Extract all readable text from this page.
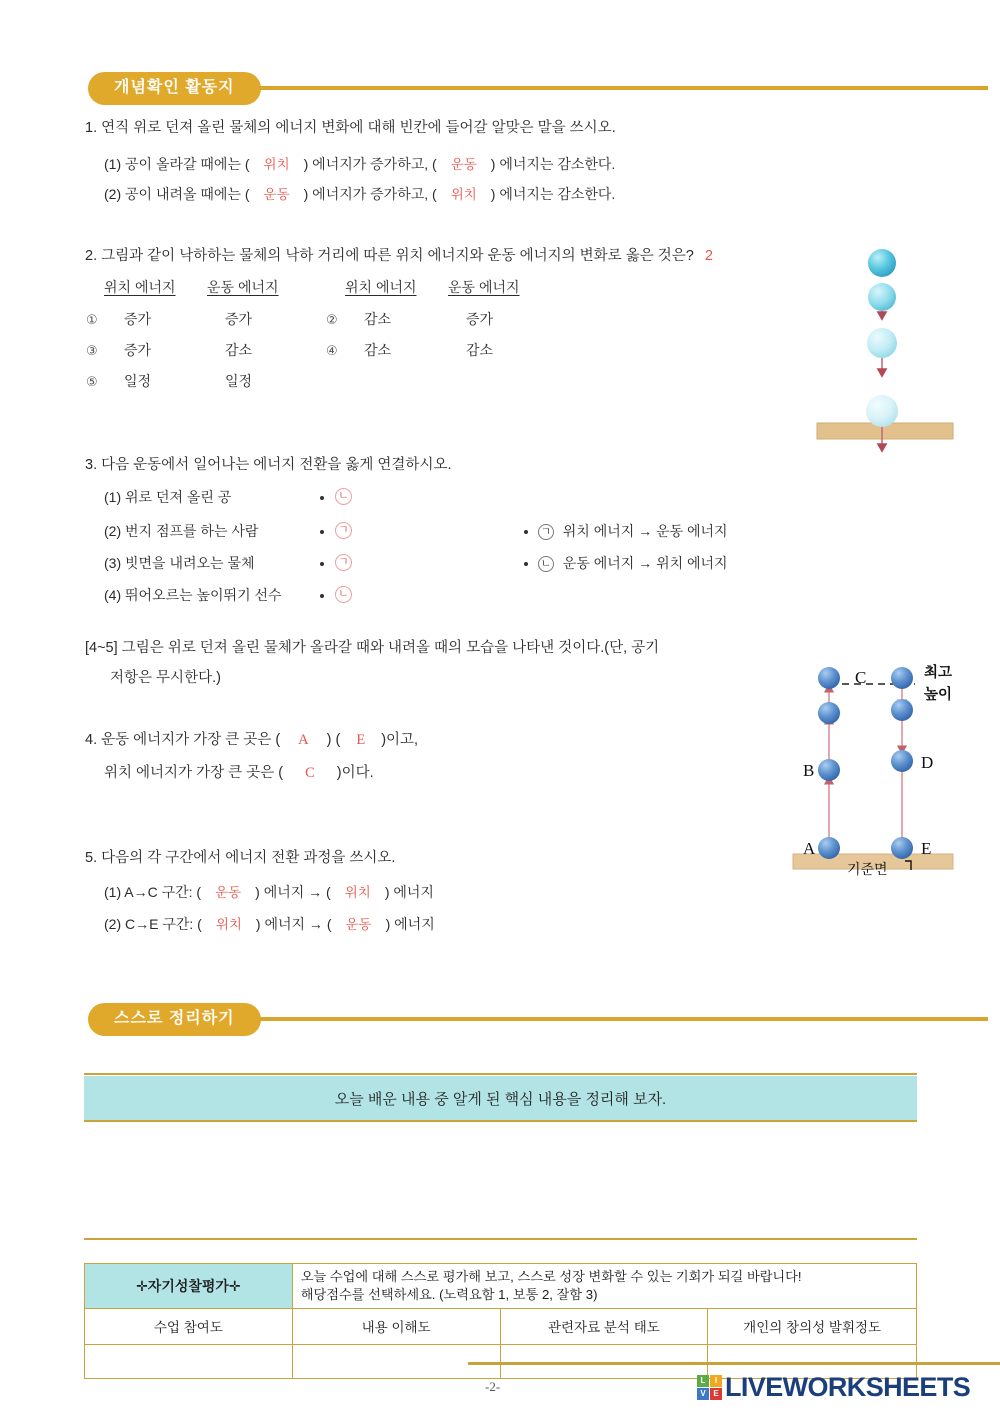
개념확인 활동지
1. 연직 위로 던져 올린 물체의 에너지 변화에 대해 빈칸에 들어갈 알맞은 말을 쓰시오.
(1) 공이 올라갈 때에는 ( 위치 ) 에너지가 증가하고, ( 운동 ) 에너지는 감소한다.
(2) 공이 내려올 때에는 ( 운동 ) 에너지가 증가하고, ( 위치 ) 에너지는 감소한다.
2. 그림과 같이 낙하하는 물체의 낙하 거리에 따른 위치 에너지와 운동 에너지의 변화로 옳은 것은? 2
위치 에너지 운동 에너지	위치 에너지 운동 에너지
① 증가	증가	② 감소	증가
③ 증가	감소	④ 감소	감소
⑤ 일정	일정
3. 다음 운동에서 일어나는 에너지 전환을 옳게 연결하시오.
(1) 위로 던져 올린 공	ㄴ
(2) 번지 점프를 하는 사람	ㄱ
(3) 빗면을 내려오는 물체	ㄱ
(4) 뛰어오르는 높이뛰기 선수	ㄴ
ㄱ 위치 에너지 → 운동 에너지
ㄴ 운동 에너지 → 위치 에너지
[4~5] 그림은 위로 던져 올린 물체가 올라갈 때와 내려올 때의 모습을 나타낸 것이다.(단, 공기
저항은 무시한다.)
4. 운동 에너지가 가장 큰 곳은 ( A ) ( E )이고,
위치 에너지가 가장 큰 곳은 ( C )이다.
C
B
A
D
E
최고
높이
기준면
5. 다음의 각 구간에서 에너지 전환 과정을 쓰시오.
(1) A→C 구간: ( 운동 ) 에너지 → ( 위치 ) 에너지
(2) C→E 구간: ( 위치 ) 에너지 → ( 운동 ) 에너지
스스로 정리하기
오늘 배운 내용 중 알게 된 핵심 내용을 정리해 보자.
✛자기성찰평가✛	오늘 수업에 대해 스스로 평가해 보고, 스스로 성장 변화할 수 있는 기회가 되길 바랍니다!
해당점수를 선택하세요. (노력요함 1, 보통 2, 잘함 3)		

수업 참여도	내용 이해도	관련자료 분석 태도	개인의 창의성 발휘정도

-2-	L	I
V E LIVEWORKSHEETS
